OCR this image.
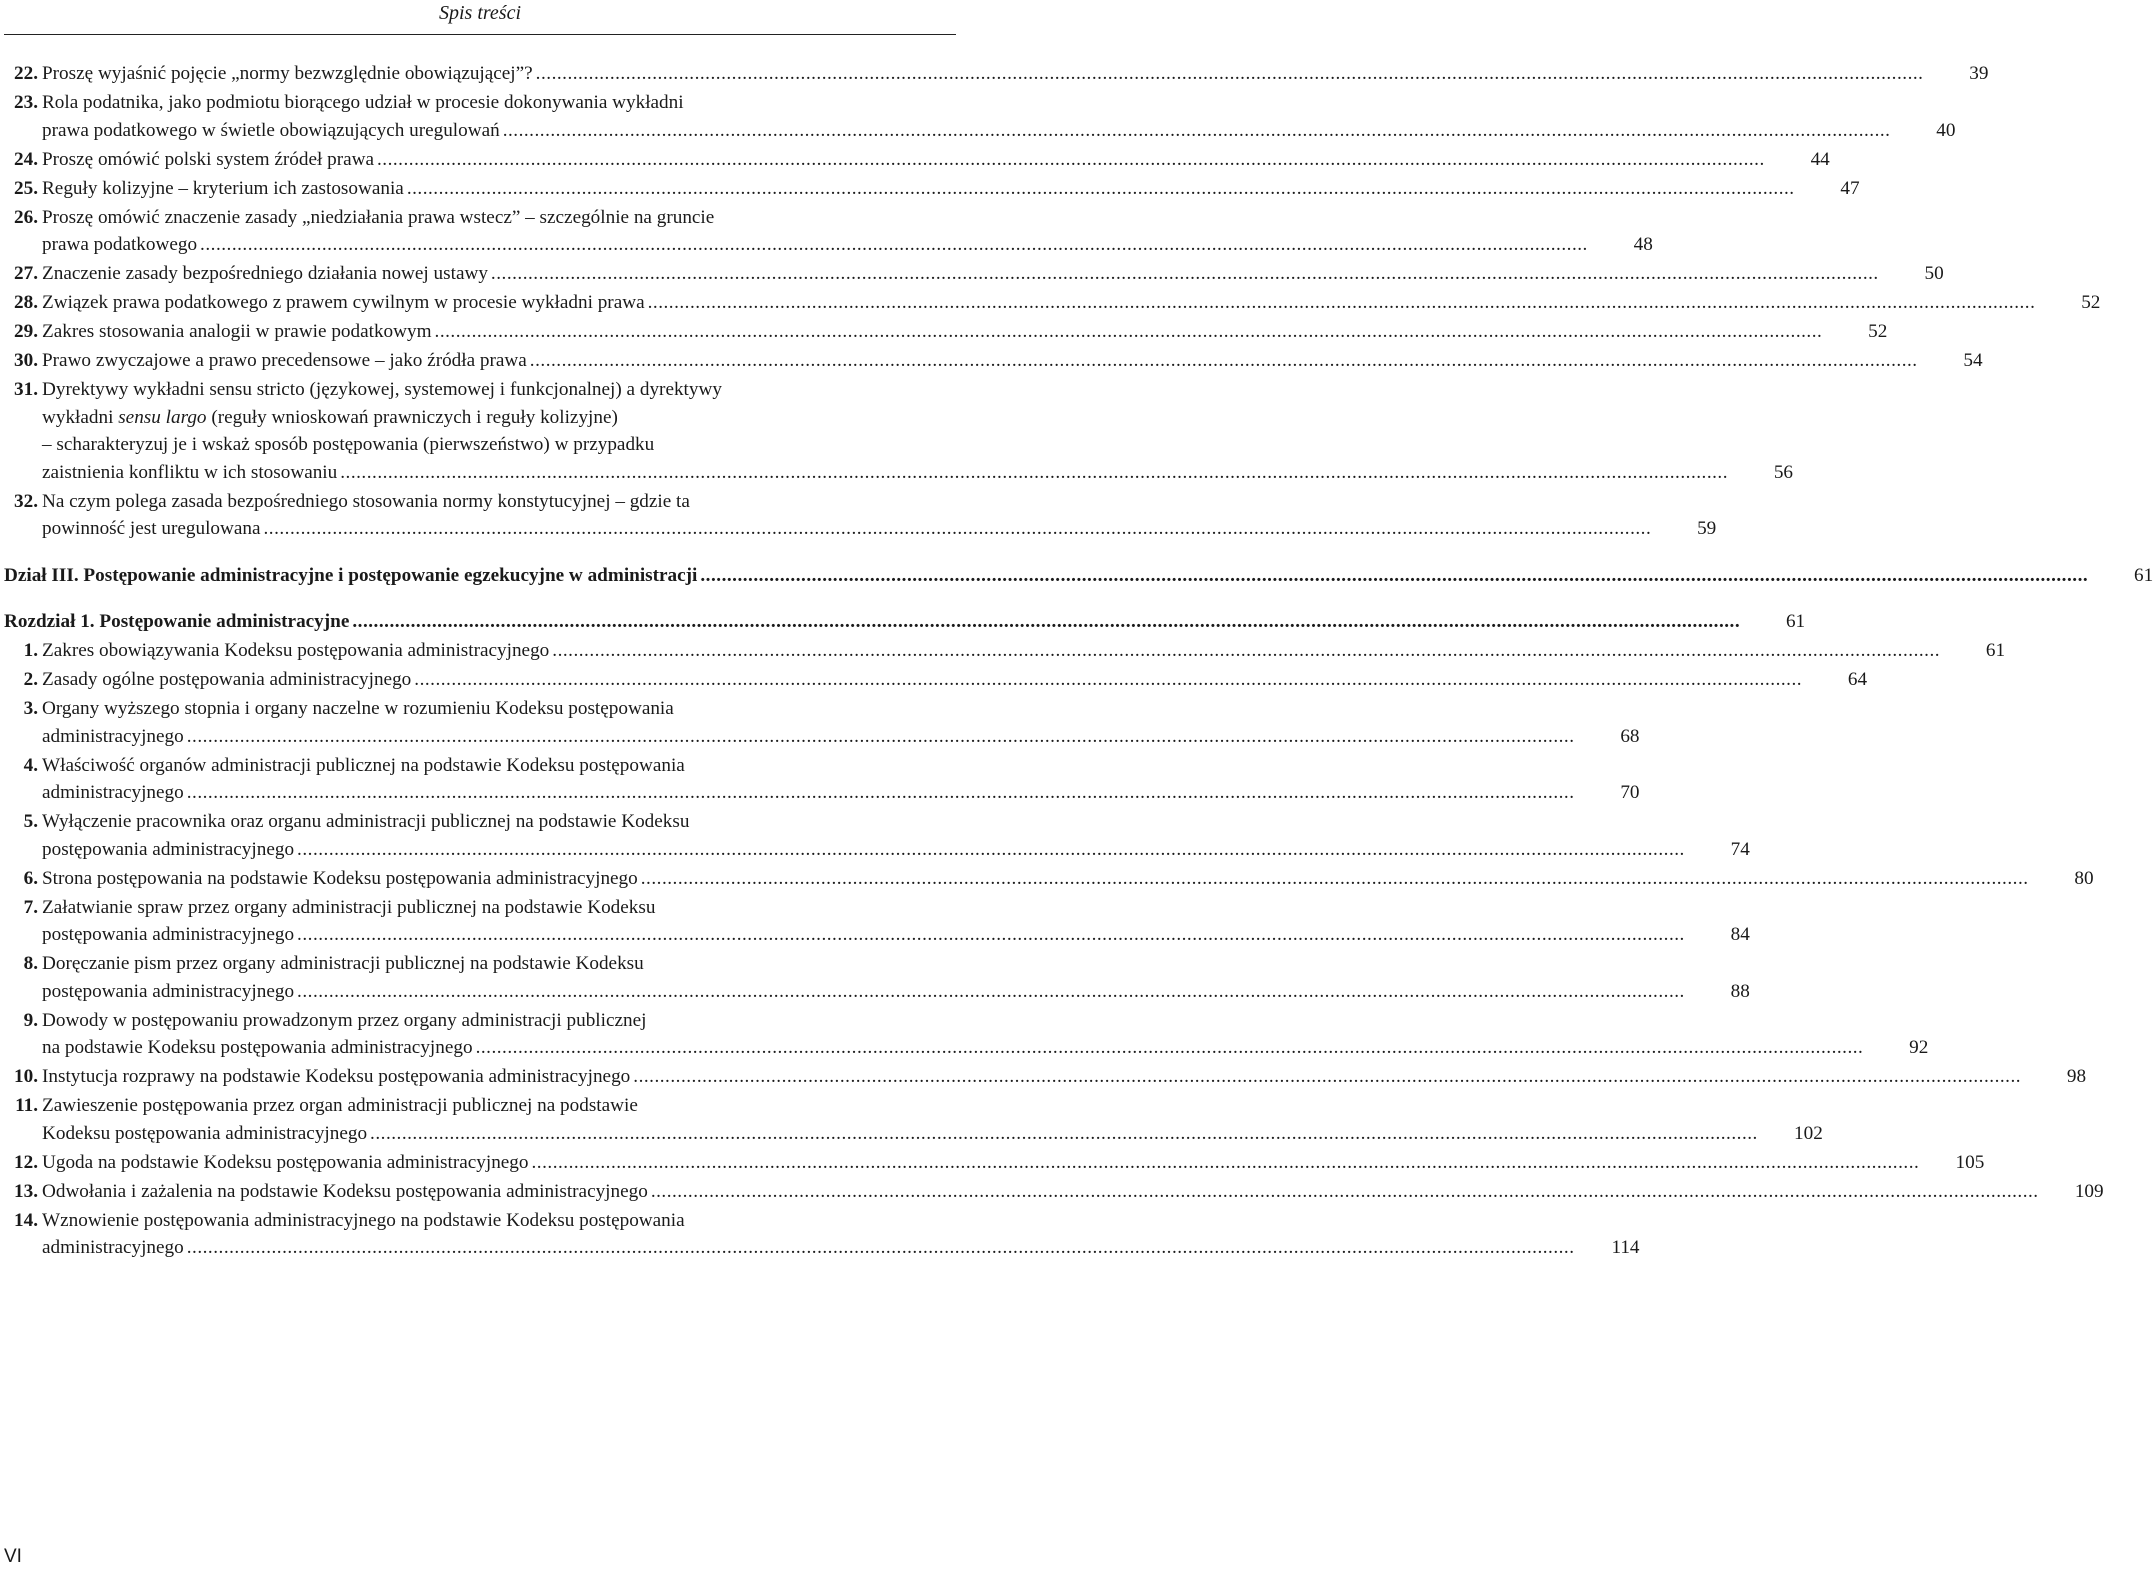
Spis treści
22. Proszę wyjaśnić pojęcie „normy bezwzględnie obowiązującej”? .....	39
23. Rola podatnika, jako podmiotu biorącego udział w procesie dokonywania wykładni
prawa podatkowego w świetle obowiązujących uregulowań .....	40
24. Proszę omówić polski system źródeł prawa .....	44
25. Reguły kolizyjne – kryterium ich zastosowania .....	47
26. Proszę omówić znaczenie zasady „niedziałania prawa wstecz” – szczególnie na gruncie
prawa podatkowego .....	48
27. Znaczenie zasady bezpośredniego działania nowej ustawy .....	50
28. Związek prawa podatkowego z prawem cywilnym w procesie wykładni prawa .....	52
29. Zakres stosowania analogii w prawie podatkowym .....	52
30. Prawo zwyczajowe a prawo precedensowe – jako źródła prawa .....	54
31. Dyrektywy wykładni sensu stricto (językowej, systemowej i funkcjonalnej) a dyrektywy
wykładni sensu largo (reguły wnioskowań prawniczych i reguły kolizyjne)
– scharakteryzuj je i wskaż sposób postępowania (pierwszeństwo) w przypadku
zaistnienia konfliktu w ich stosowaniu .....	56
32. Na czym polega zasada bezpośredniego stosowania normy konstytucyjnej – gdzie ta
powinność jest uregulowana .....	59
Dział III. Postępowanie administracyjne i postępowanie egzekucyjne w administracji .....	61
Rozdział 1. Postępowanie administracyjne .....	61
1. Zakres obowiązywania Kodeksu postępowania administracyjnego .....	61
2. Zasady ogólne postępowania administracyjnego .....	64
3. Organy wyższego stopnia i organy naczelne w rozumieniu Kodeksu postępowania
administracyjnego .....	68
4. Właściwość organów administracji publicznej na podstawie Kodeksu postępowania
administracyjnego .....	70
5. Wyłączenie pracownika oraz organu administracji publicznej na podstawie Kodeksu
postępowania administracyjnego .....	74
6. Strona postępowania na podstawie Kodeksu postępowania administracyjnego .....	80
7. Załatwianie spraw przez organy administracji publicznej na podstawie Kodeksu
postępowania administracyjnego .....	84
8. Doręczanie pism przez organy administracji publicznej na podstawie Kodeksu
postępowania administracyjnego .....	88
9. Dowody w postępowaniu prowadzonym przez organy administracji publicznej
na podstawie Kodeksu postępowania administracyjnego .....	92
10. Instytucja rozprawy na podstawie Kodeksu postępowania administracyjnego .....	98
11. Zawieszenie postępowania przez organ administracji publicznej na podstawie
Kodeksu postępowania administracyjnego .....	102
12. Ugoda na podstawie Kodeksu postępowania administracyjnego .....	105
13. Odwołania i zażalenia na podstawie Kodeksu postępowania administracyjnego .....	109
14. Wznowienie postępowania administracyjnego na podstawie Kodeksu postępowania
administracyjnego .....	114
VI
